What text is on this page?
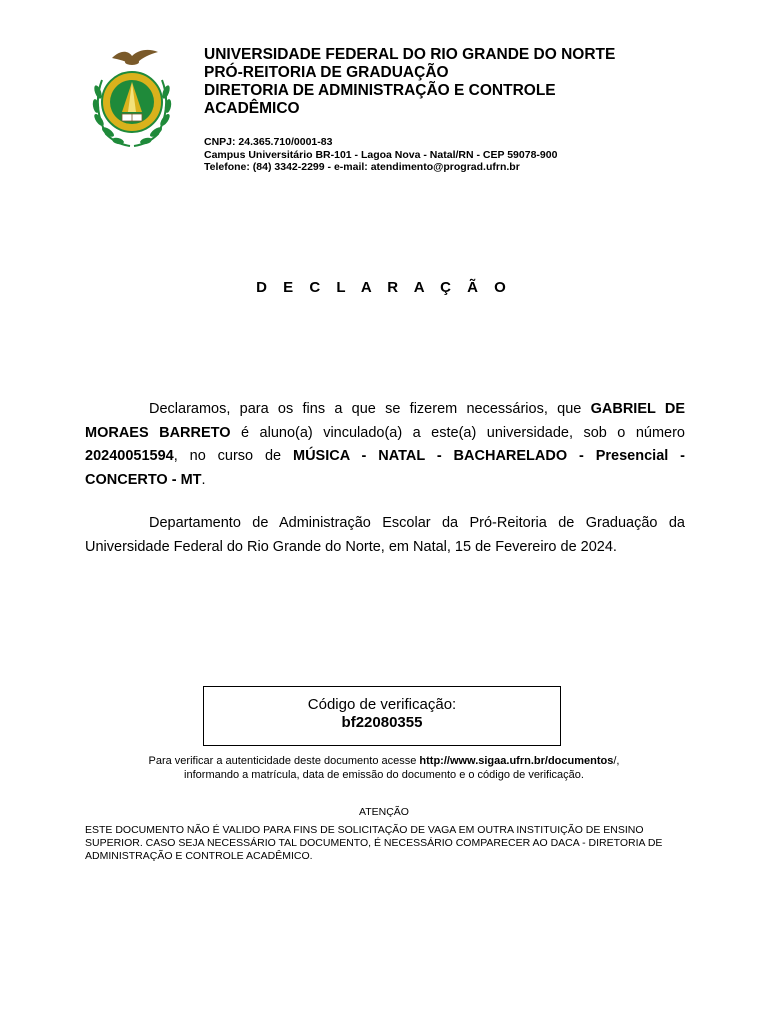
UNIVERSIDADE FEDERAL DO RIO GRANDE DO NORTE
PRÓ-REITORIA DE GRADUAÇÃO
DIRETORIA DE ADMINISTRAÇÃO E CONTROLE
ACADÊMICO
CNPJ: 24.365.710/0001-83
Campus Universitário BR-101 - Lagoa Nova - Natal/RN - CEP 59078-900
Telefone: (84) 3342-2299 - e-mail: atendimento@prograd.ufrn.br
D E C L A R A Ç Ã O
Declaramos, para os fins a que se fizerem necessários, que GABRIEL DE MORAES BARRETO é aluno(a) vinculado(a) a este(a) universidade, sob o número 20240051594, no curso de MÚSICA - NATAL - BACHARELADO - Presencial - CONCERTO - MT.
Departamento de Administração Escolar da Pró-Reitoria de Graduação da Universidade Federal do Rio Grande do Norte, em Natal, 15 de Fevereiro de 2024.
Código de verificação:
bf22080355
Para verificar a autenticidade deste documento acesse http://www.sigaa.ufrn.br/documentos/,
informando a matrícula, data de emissão do documento e o código de verificação.
ATENÇÃO
ESTE DOCUMENTO NÃO É VALIDO PARA FINS DE SOLICITAÇÃO DE VAGA EM OUTRA INSTITUIÇÃO DE ENSINO SUPERIOR. CASO SEJA NECESSÁRIO TAL DOCUMENTO, É NECESSÁRIO COMPARECER AO DACA - DIRETORIA DE ADMINISTRAÇÃO E CONTROLE ACADÊMICO.
